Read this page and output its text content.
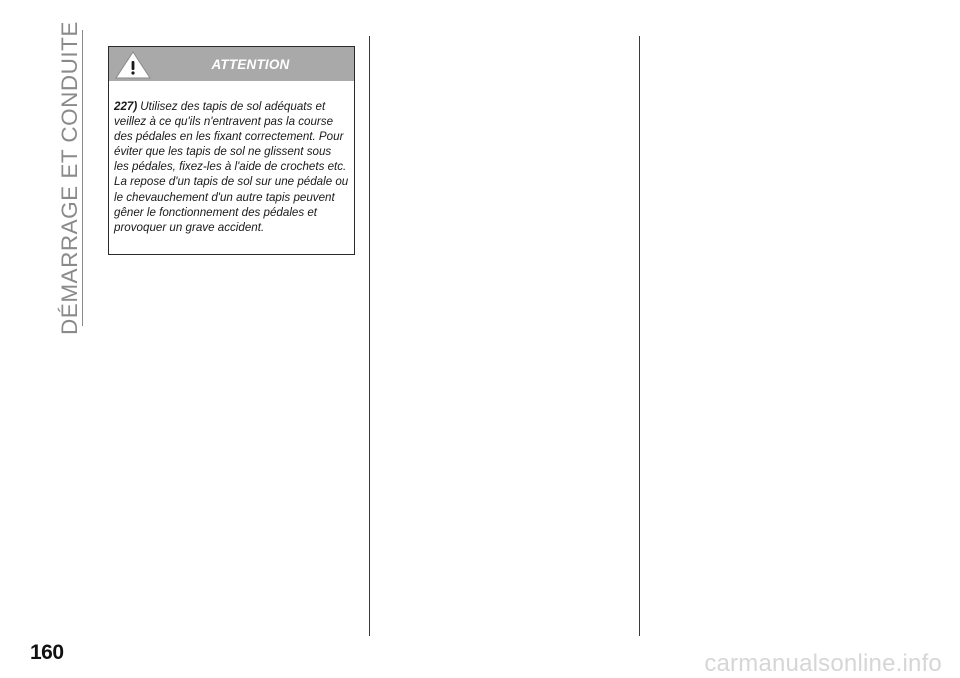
DÉMARRAGE ET CONDUITE	ATTENTION
227) Utilisez des tapis de sol adéquats et veillez à ce qu'ils n'entravent pas la course des pédales en les fixant correctement. Pour éviter que les tapis de sol ne glissent sous les pédales, fixez-les à l'aide de crochets etc. La repose d'un tapis de sol sur une pédale ou le chevauchement d'un autre tapis peuvent gêner le fonctionnement des pédales et provoquer un grave accident.
160	carmanualsonline.info
